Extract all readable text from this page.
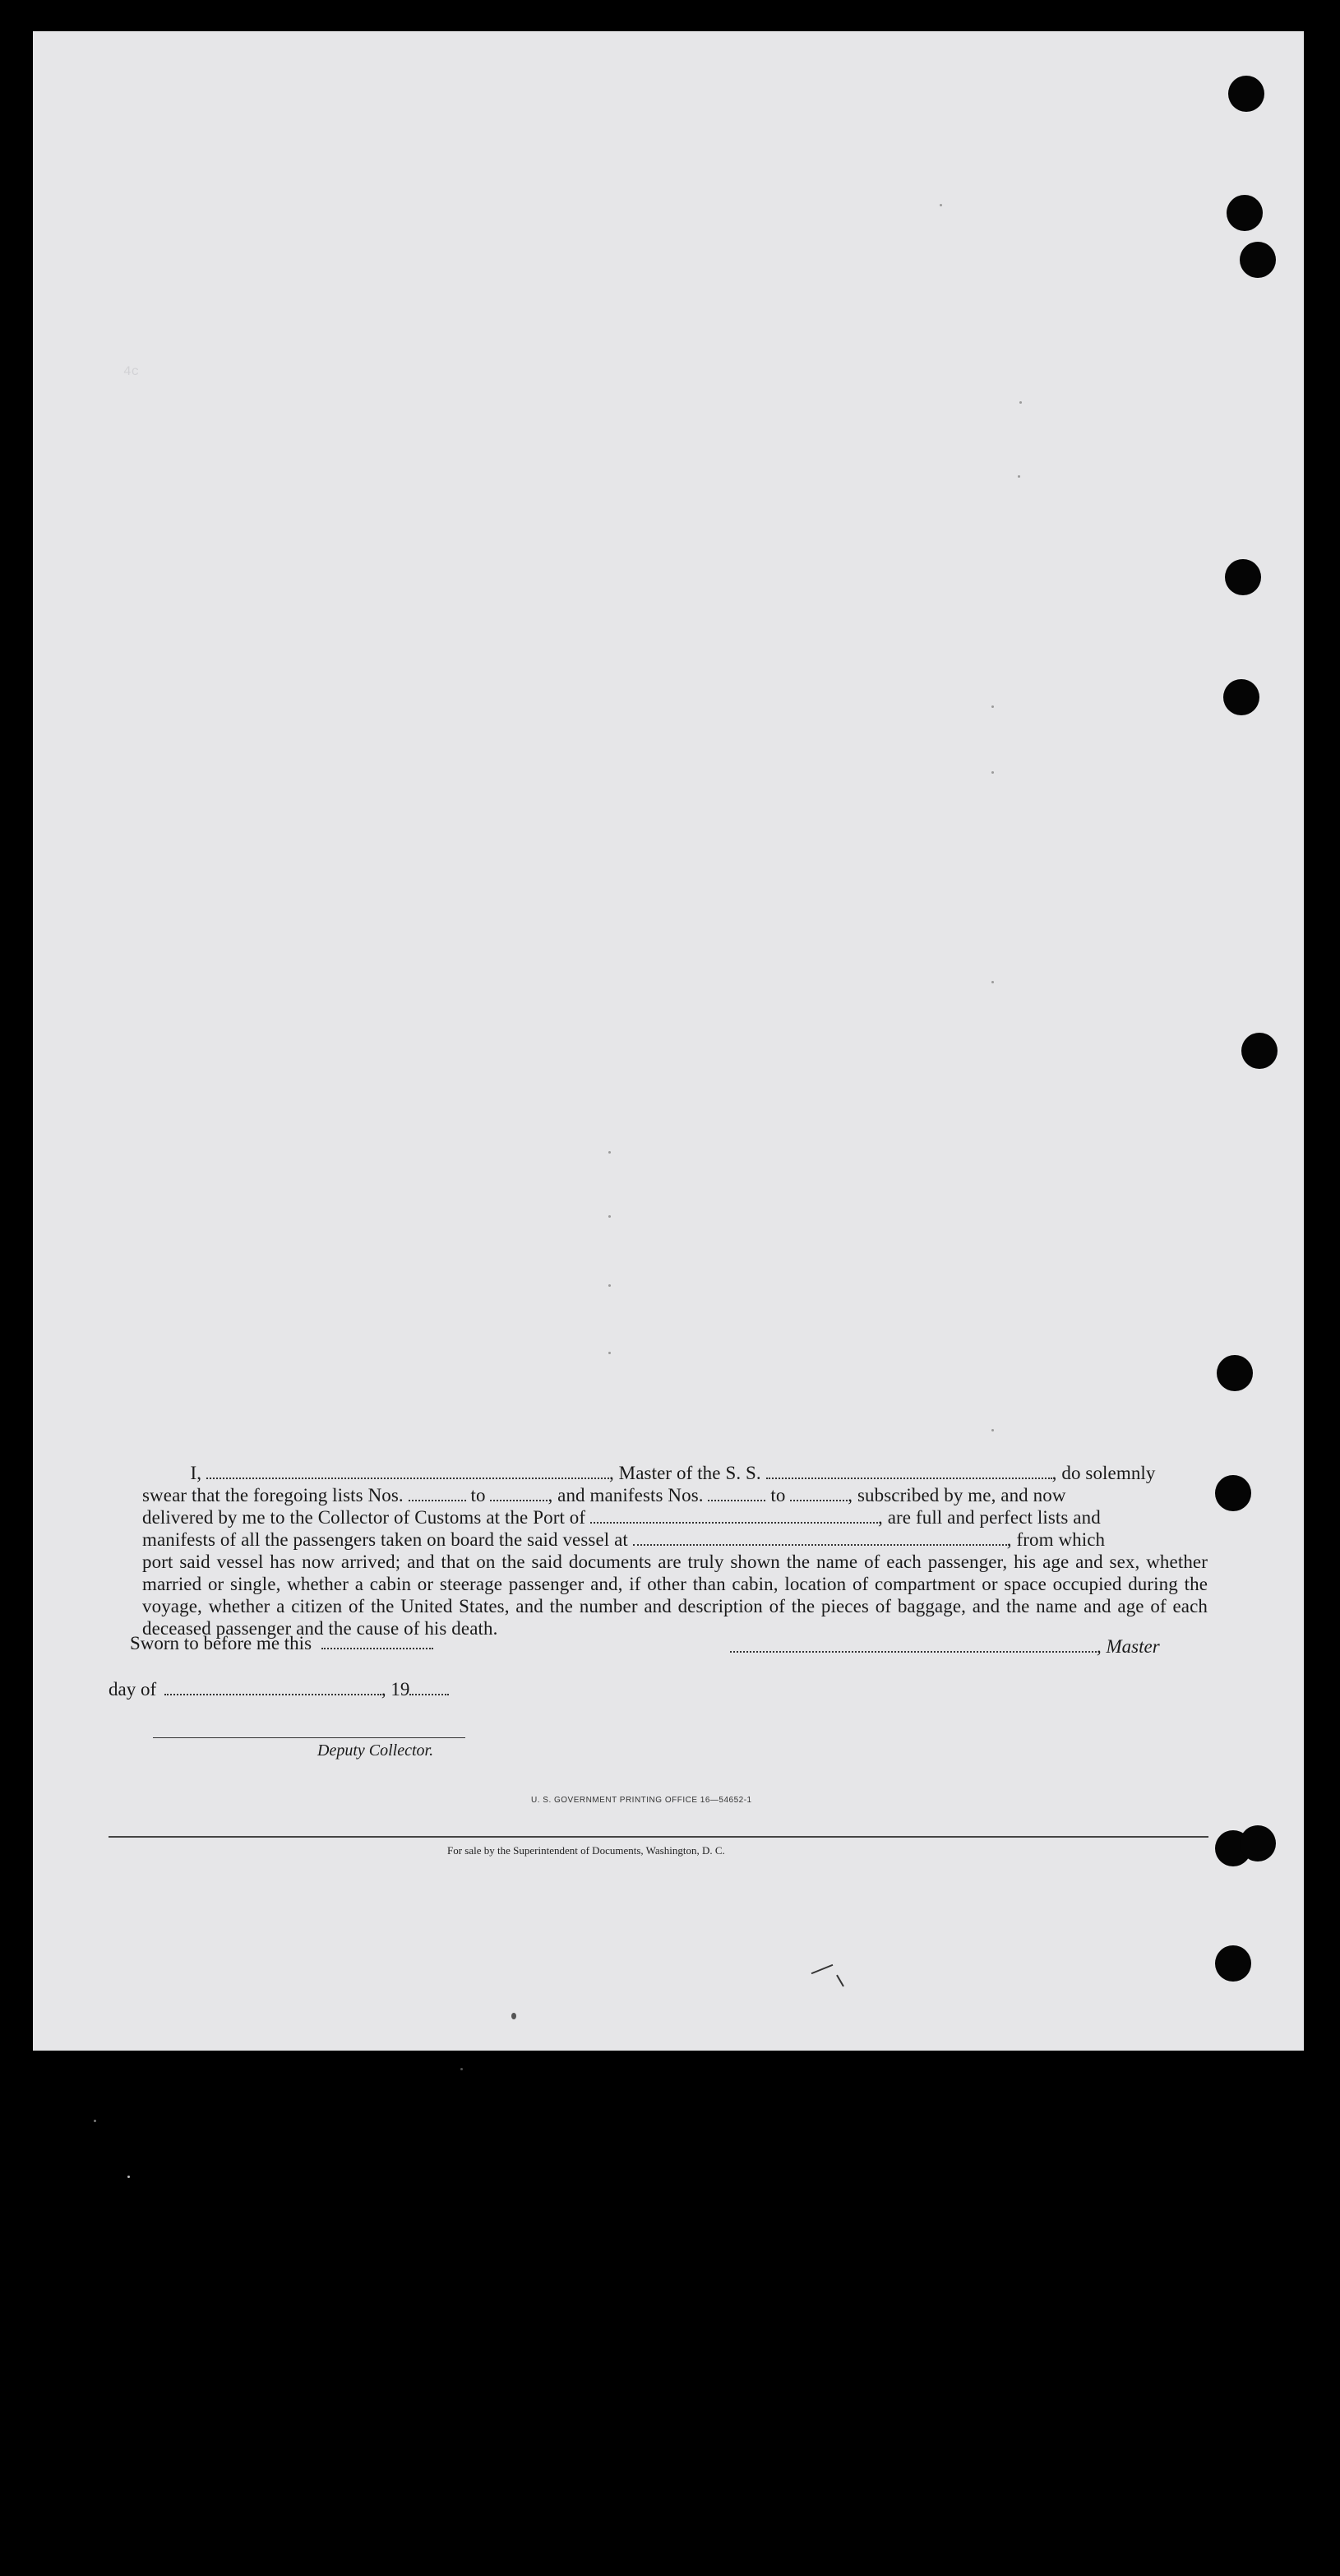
4c

I,	, Master of the S. S.	, do solemnly

swear that the foregoing lists Nos.	to	, and manifests Nos.	to	, subscribed by me, and now

delivered by me to the Collector of Customs at the Port of	, are full and perfect lists and

manifests of all the passengers taken on board the said vessel at	, from which

port said vessel has now arrived; and that on the said documents are truly shown the name of each passenger, his age and sex, whether married or single, whether a cabin or steerage passenger and, if other than cabin, location of compartment or space occupied during the voyage, whether a citizen of the United States, and the number and description of the pieces of baggage, and the name and age of each deceased passenger and the cause of his death.

Sworn to before me this	, Master
day of	, 19
Deputy Collector.
U. S. GOVERNMENT PRINTING OFFICE 16—54652-1
For sale by the Superintendent of Documents, Washington, D. C.
